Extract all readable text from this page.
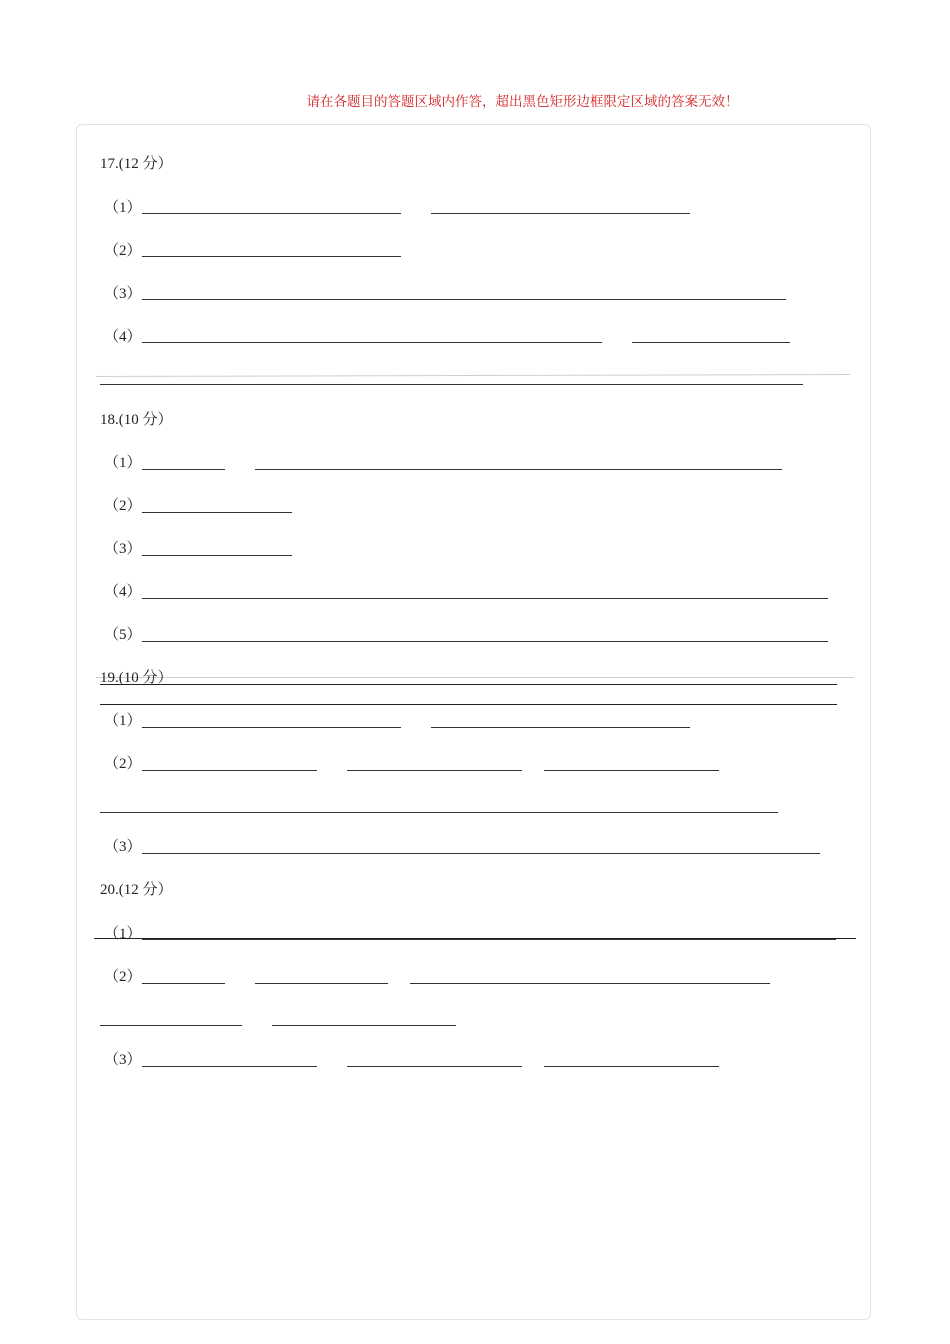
请在各题目的答题区域内作答，超出黑色矩形边框限定区域的答案无效！
17.(12 分）
（1）
（2）
（3）
（4）
18.(10 分）
（1）
（2）
（3）
（4）
（5）
19.(10 分）
（1）
（2）
（3）
20.(12 分）
（1）
（2）
（3）
